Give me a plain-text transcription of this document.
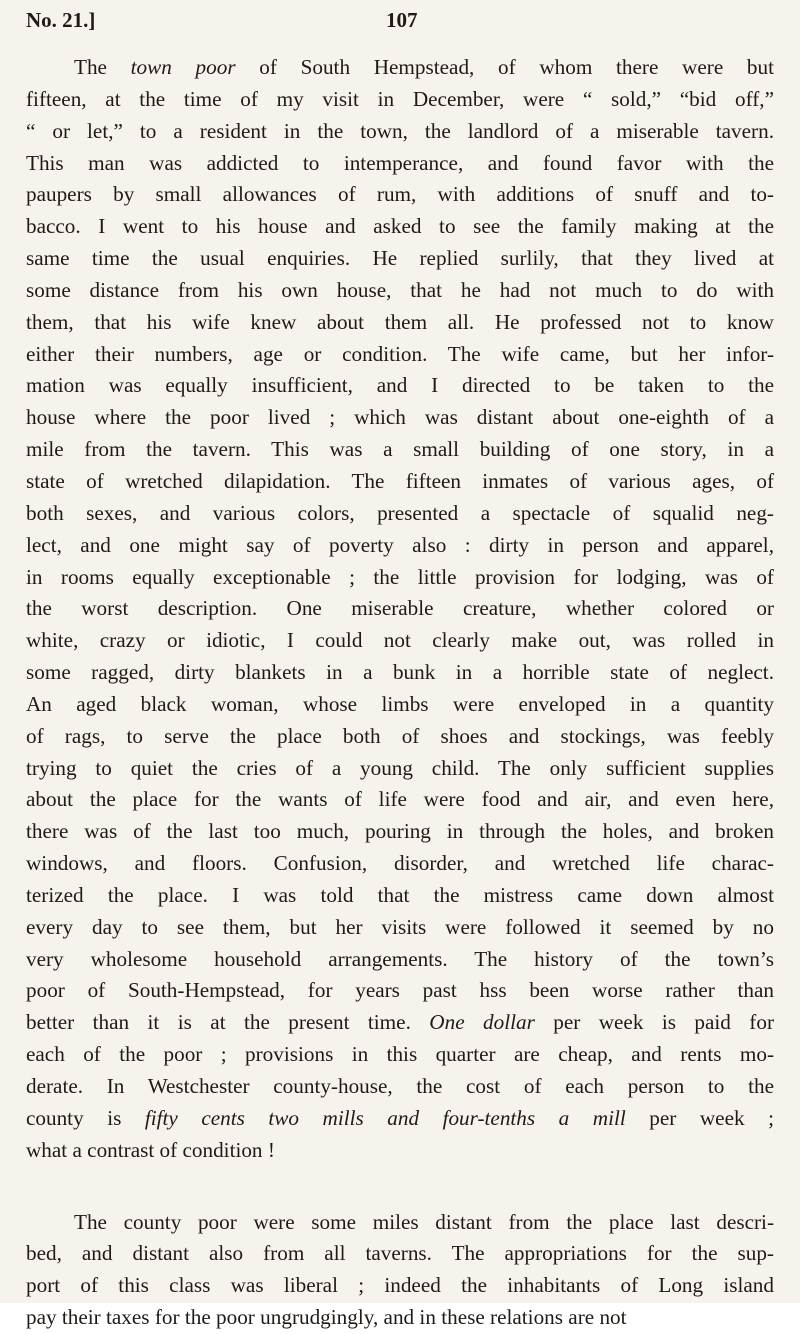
No. 21.]	107
The town poor of South Hempstead, of whom there were but
fifteen, at the time of my visit in December, were “ sold,” “bid off,”
“ or let,” to a resident in the town, the landlord of a miserable tavern.
This man was addicted to intemperance, and found favor with the
paupers by small allowances of rum, with additions of snuff and to-
bacco. I went to his house and asked to see the family making at the
same time the usual enquiries. He replied surlily, that they lived at
some distance from his own house, that he had not much to do with
them, that his wife knew about them all. He professed not to know
either their numbers, age or condition. The wife came, but her infor-
mation was equally insufficient, and I directed to be taken to the
house where the poor lived ; which was distant about one-eighth of a
mile from the tavern. This was a small building of one story, in a
state of wretched dilapidation. The fifteen inmates of various ages, of
both sexes, and various colors, presented a spectacle of squalid neg-
lect, and one might say of poverty also : dirty in person and apparel,
in rooms equally exceptionable ; the little provision for lodging, was of
the worst description. One miserable creature, whether colored or
white, crazy or idiotic, I could not clearly make out, was rolled in
some ragged, dirty blankets in a bunk in a horrible state of neglect.
An aged black woman, whose limbs were enveloped in a quantity
of rags, to serve the place both of shoes and stockings, was feebly
trying to quiet the cries of a young child. The only sufficient supplies
about the place for the wants of life were food and air, and even here,
there was of the last too much, pouring in through the holes, and broken
windows, and floors. Confusion, disorder, and wretched life charac-
terized the place. I was told that the mistress came down almost
every day to see them, but her visits were followed it seemed by no
very wholesome household arrangements. The history of the town’s
poor of South-Hempstead, for years past hss been worse rather than
better than it is at the present time. One dollar per week is paid for
each of the poor ; provisions in this quarter are cheap, and rents mo-
derate. In Westchester county-house, the cost of each person to the
county is fifty cents two mills and four-tenths a mill per week ;
what a contrast of condition !
The county poor were some miles distant from the place last descri-
bed, and distant also from all taverns. The appropriations for the sup-
port of this class was liberal ; indeed the inhabitants of Long island
pay their taxes for the poor ungrudgingly, and in these relations are not
